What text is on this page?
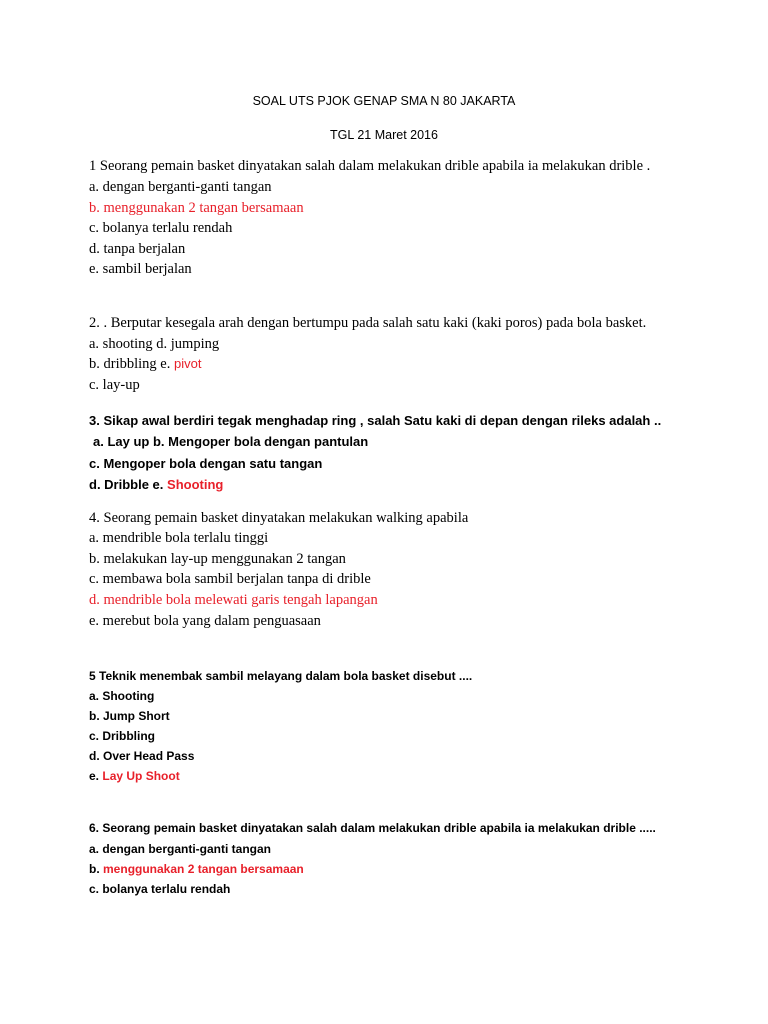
SOAL UTS PJOK GENAP SMA N 80 JAKARTA
TGL 21 Maret 2016
1 Seorang pemain basket dinyatakan salah dalam melakukan drible apabila ia melakukan drible .
a. dengan berganti-ganti tangan
b. menggunakan 2 tangan bersamaan
c. bolanya terlalu rendah
d. tanpa berjalan
e. sambil berjalan
2. . Berputar kesegala arah dengan bertumpu pada salah satu kaki (kaki poros) pada bola basket.
a. shooting d. jumping
b. dribbling e. pivot
c. lay-up
3. Sikap awal berdiri tegak menghadap ring , salah Satu kaki di depan dengan rileks adalah ..
a. Lay up b. Mengoper bola dengan pantulan
c. Mengoper bola dengan satu tangan
d. Dribble e. Shooting
4. Seorang pemain basket dinyatakan melakukan walking apabila
a. mendrible bola terlalu tinggi
b. melakukan lay-up menggunakan 2 tangan
c. membawa bola sambil berjalan tanpa di drible
d. mendrible bola melewati garis tengah lapangan
e. merebut bola yang dalam penguasaan
5 Teknik menembak sambil melayang dalam bola basket disebut ....
a. Shooting
b. Jump Short
c. Dribbling
d. Over Head Pass
e. Lay Up Shoot
6. Seorang pemain basket dinyatakan salah dalam melakukan drible apabila ia melakukan drible .....
a. dengan berganti-ganti tangan
b. menggunakan 2 tangan bersamaan
c. bolanya terlalu rendah
